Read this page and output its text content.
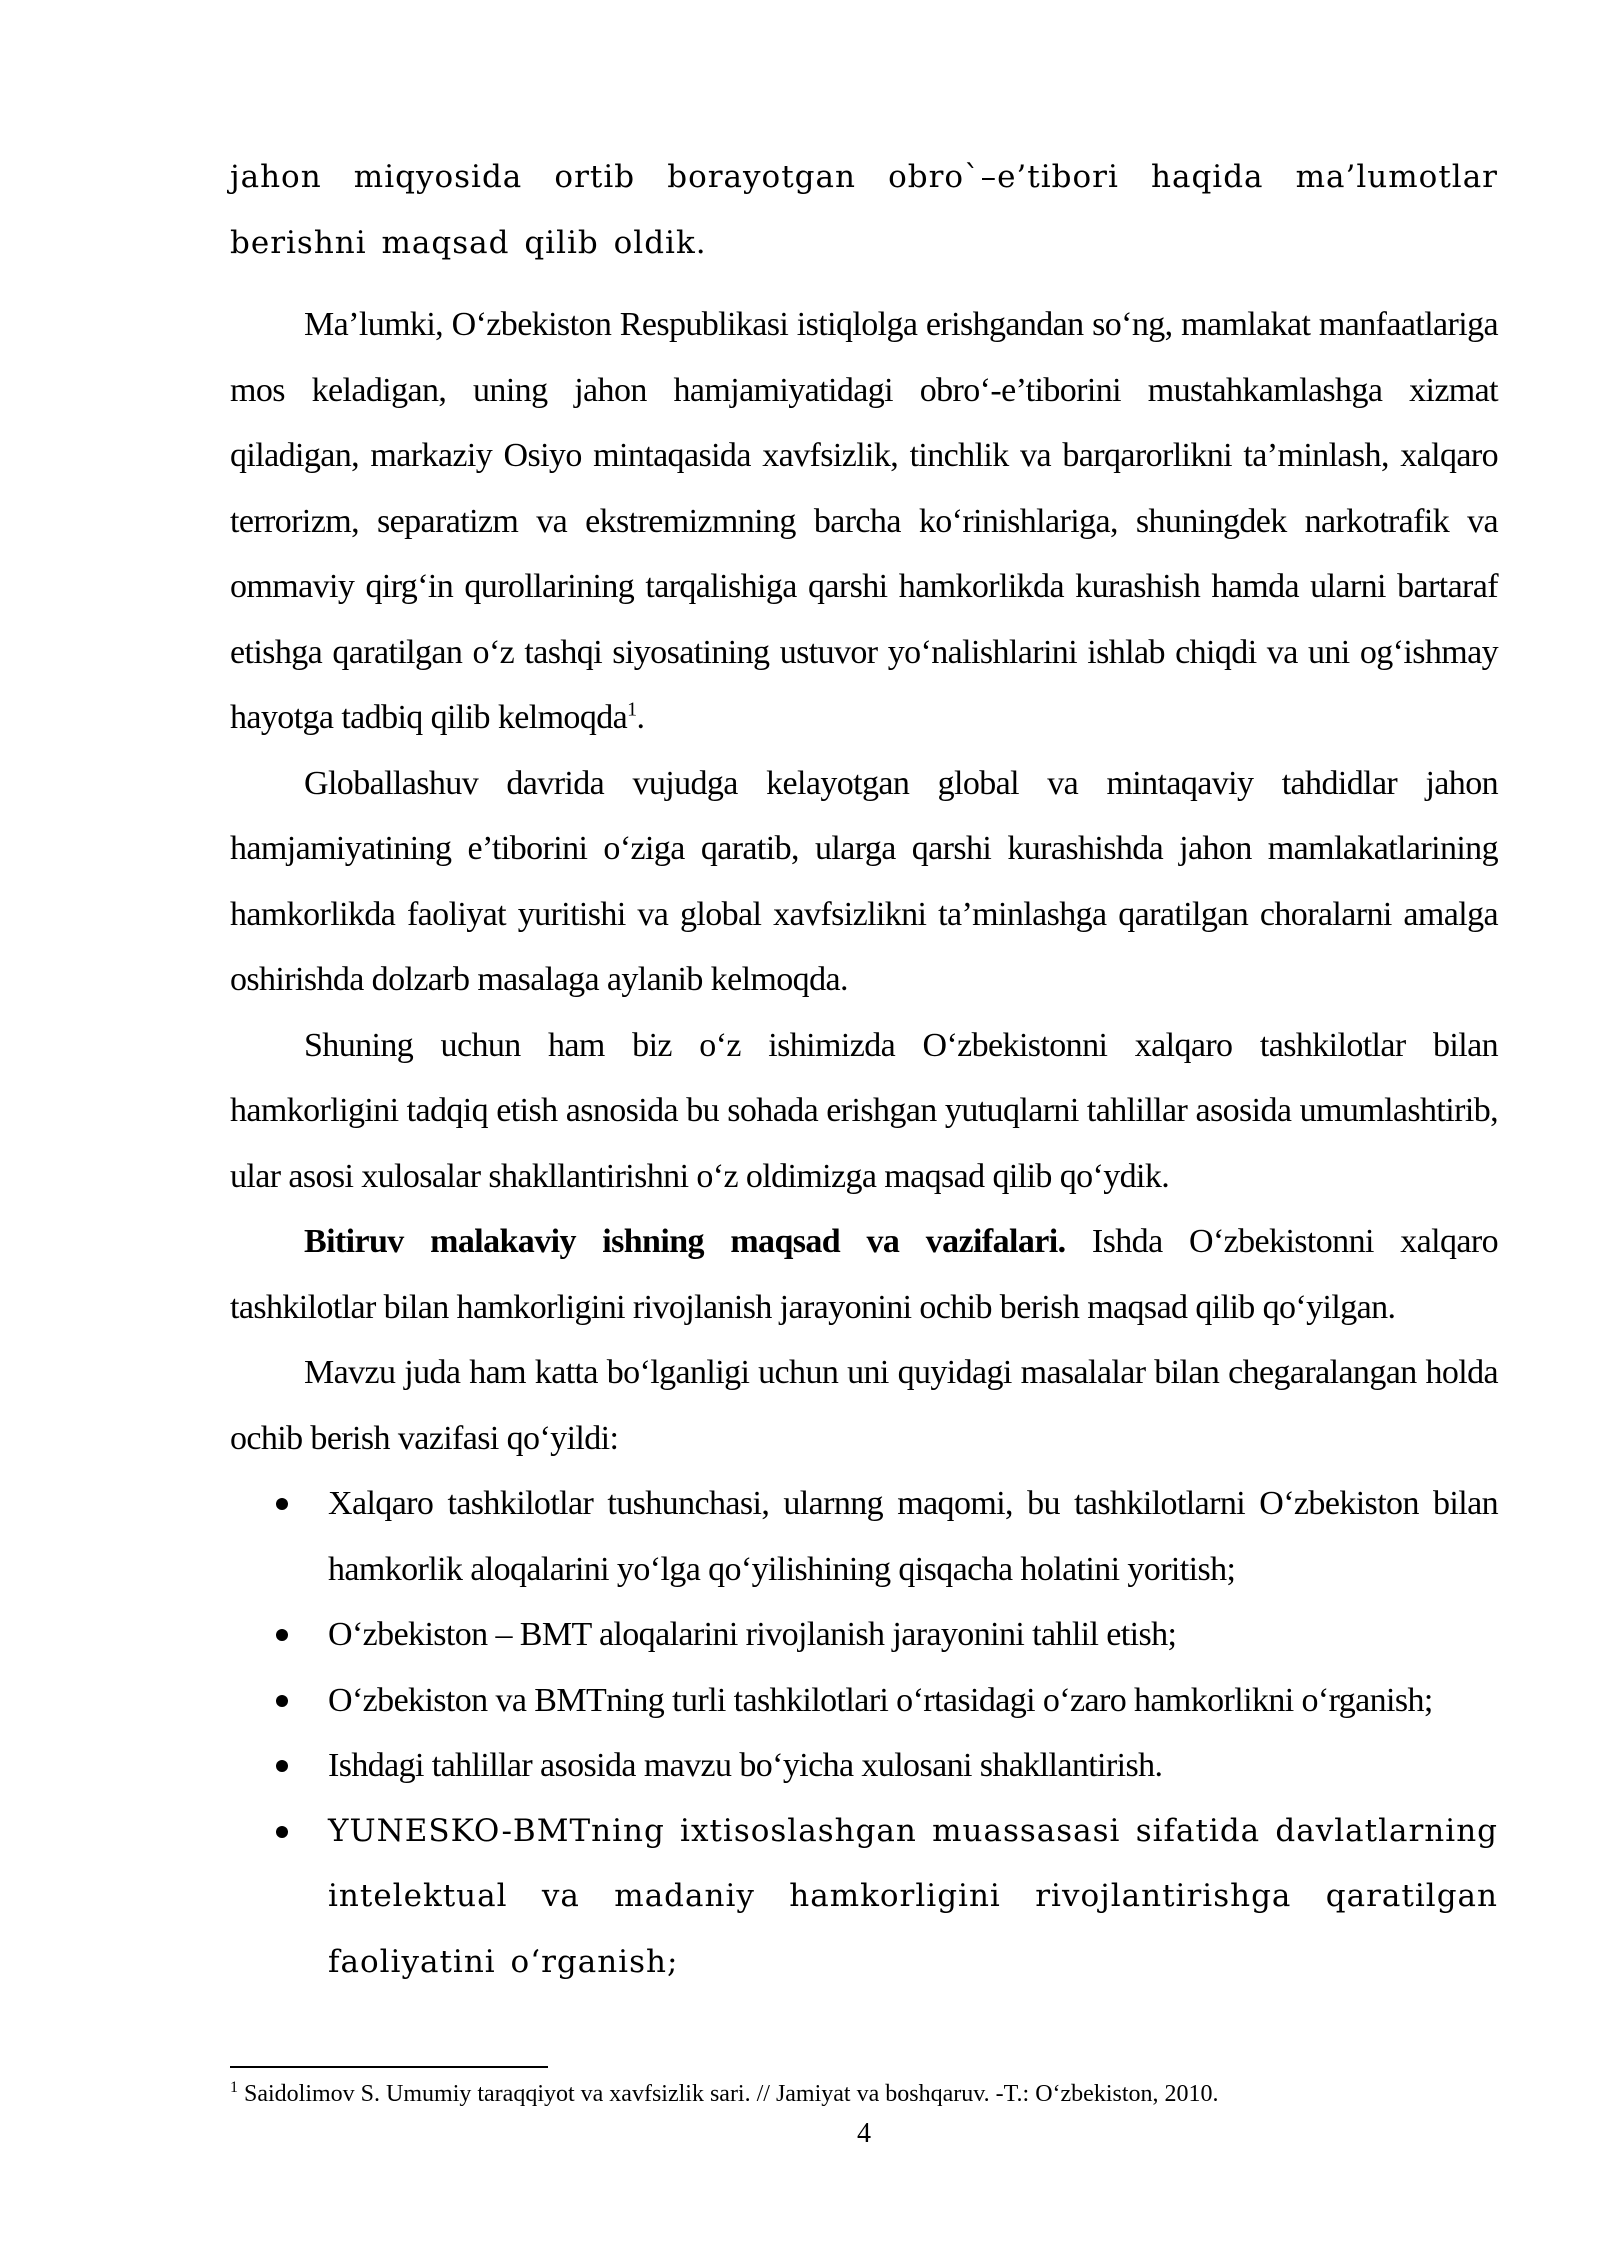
jahon miqyosida ortib borayotgan obro`–e’tibori haqida ma’lumotlar berishni maqsad qilib oldik.

Ma’lumki, O‘zbekiston Respublikasi istiqlolga erishgandan so‘ng, mamlakat manfaatlariga mos keladigan, uning jahon hamjamiyatidagi obro‘-e’tiborini mustahkamlashga xizmat qiladigan, markaziy Osiyo mintaqasida xavfsizlik, tinchlik va barqarorlikni ta’minlash, xalqaro terrorizm, separatizm va ekstremizmning barcha ko‘rinishlariga, shuningdek narkotrafik va ommaviy qirg‘in qurollarining tarqalishiga qarshi hamkorlikda kurashish hamda ularni bartaraf etishga qaratilgan o‘z tashqi siyosatining ustuvor yo‘nalishlarini ishlab chiqdi va uni og‘ishmay hayotga tadbiq qilib kelmoqda$^1$.

Globallashuv davrida vujudga kelayotgan global va mintaqaviy tahdidlar jahon hamjamiyatining e’tiborini o‘ziga qaratib, ularga qarshi kurashishda jahon mamlakatlarining hamkorlikda faoliyat yuritishi va global xavfsizlikni ta’minlashga qaratilgan choralarni amalga oshirishda dolzarb masalaga aylanib kelmoqda.

Shuning uchun ham biz o‘z ishimizda O‘zbekistonni xalqaro tashkilotlar bilan hamkorligini tadqiq etish asnosida bu sohada erishgan yutuqlarni tahlillar asosida umumlashtirib, ular asosi xulosalar shakllantirishni o‘z oldimizga maqsad qilib qo‘ydik.

Bitiruv malakaviy ishning maqsad va vazifalari. Ishda O‘zbekistonni xalqaro tashkilotlar bilan hamkorligini rivojlanish jarayonini ochib berish maqsad qilib qo‘yilgan.

Mavzu juda ham katta bo‘lganligi uchun uni quyidagi masalalar bilan chegaralangan holda ochib berish vazifasi qo‘yildi:

Xalqaro tashkilotlar tushunchasi, ularnng maqomi, bu tashkilotlarni O‘zbekiston bilan hamkorlik aloqalarini yo‘lga qo‘yilishining qisqacha holatini yoritish;
O‘zbekiston – BMT aloqalarini rivojlanish jarayonini tahlil etish;
O‘zbekiston va BMTning turli tashkilotlari o‘rtasidagi o‘zaro hamkorlikni o‘rganish;
Ishdagi tahlillar asosida mavzu bo‘yicha xulosani shakllantirish.
YUNESKO-BMTning ixtisoslashgan muassasasi sifatida davlatlarning intelektual va madaniy hamkorligini rivojlantirishga qaratilgan faoliyatini o‘rganish;

$^1$ Saidolimov S. Umumiy taraqqiyot va xavfsizlik sari. // Jamiyat va boshqaruv. -T.: O‘zbekiston, 2010.

4
